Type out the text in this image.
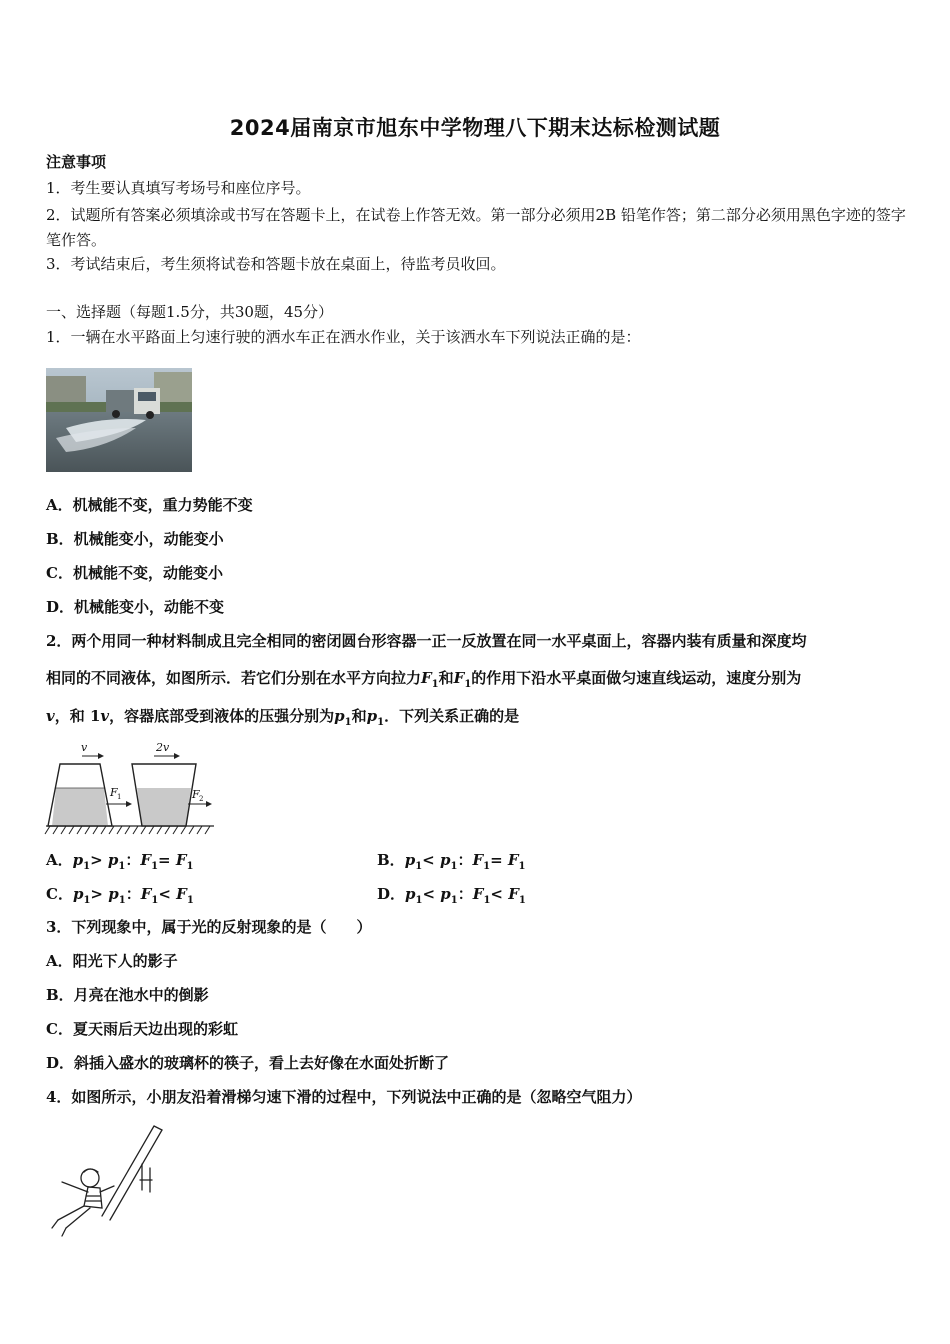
2024届南京市旭东中学物理八下期末达标检测试题
注意事项
1．考生要认真填写考场号和座位序号。
2．试题所有答案必须填涂或书写在答题卡上，在试卷上作答无效。第一部分必须用2B 铅笔作答；第二部分必须用黑色字迹的签字笔作答。
3．考试结束后，考生须将试卷和答题卡放在桌面上，待监考员收回。
一、选择题（每题1.5分，共30题，45分）
1．一辆在水平路面上匀速行驶的洒水车正在洒水作业，关于该洒水车下列说法正确的是：
A．机械能不变，重力势能不变
B．机械能变小，动能变小
C．机械能不变，动能变小
D．机械能变小，动能不变
2．两个用同一种材料制成且完全相同的密闭圆台形容器一正一反放置在同一水平桌面上，容器内装有质量和深度均
相同的不同液体，如图所示．若它们分别在水平方向拉力$F_1$和$F_1$的作用下沿水平桌面做匀速直线运动，速度分别为
v，和 1v，容器底部受到液体的压强分别为$p_1$和$p_1$．下列关系正确的是
v	2v
F 1	F 2
A．$p_1> p_1$：$F_1= F_1$	B．$p_1< p_1$：$F_1= F_1$
C．$p_1> p_1$：$F_1< F_1$	D．$p_1< p_1$：$F_1< F_1$
3．下列现象中，属于光的反射现象的是（　　）
A．阳光下人的影子
B．月亮在池水中的倒影
C．夏天雨后天边出现的彩虹
D．斜插入盛水的玻璃杯的筷子，看上去好像在水面处折断了
4．如图所示，小朋友沿着滑梯匀速下滑的过程中，下列说法中正确的是（忽略空气阻力）
